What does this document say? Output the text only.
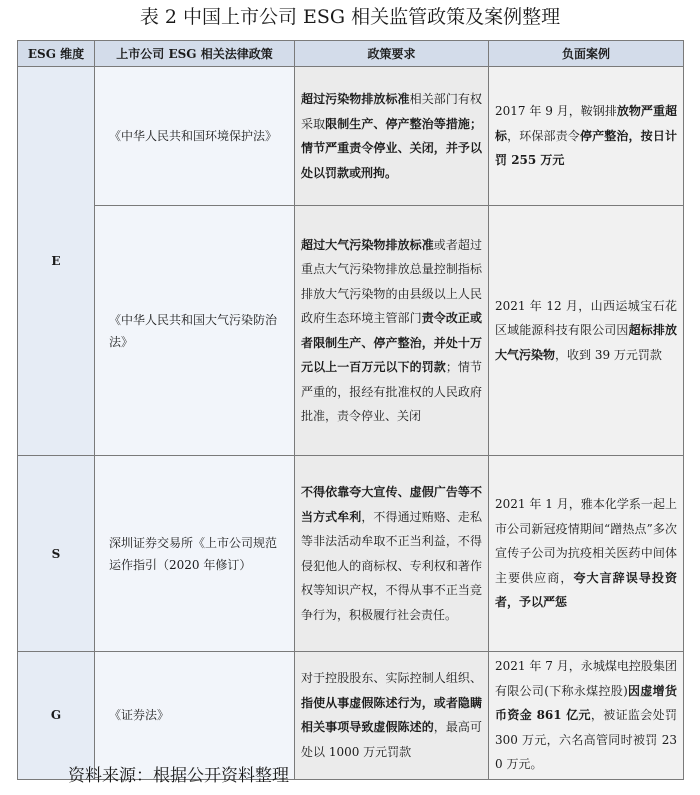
表 2 中国上市公司 ESG 相关监管政策及案例整理
ESG 维度	上市公司 ESG 相关法律政策	政策要求	负面案例
E	《中华人民共和国环境保护法》	超过污染物排放标准相关部门有权采取限制生产、停产整治等措施；情节严重责令停业、关闭，并予以处以罚款或刑拘。	2017 年 9 月，鞍钢排放物严重超标，环保部责令停产整治，按日计罚 255 万元
	《中华人民共和国大气污染防治法》	超过大气污染物排放标准或者超过重点大气污染物排放总量控制指标排放大气污染物的由县级以上人民政府生态环境主管部门责令改正或者限制生产、停产整治，并处十万元以上一百万元以下的罚款；情节严重的，报经有批准权的人民政府批准，责令停业、关闭	2021 年 12 月，山西运城宝石花区域能源科技有限公司因超标排放大气污染物，收到 39 万元罚款
S	深圳证券交易所《上市公司规范运作指引（2020 年修订）	不得依靠夸大宣传、虚假广告等不当方式牟利，不得通过贿赂、走私等非法活动牟取不正当利益，不得侵犯他人的商标权、专利权和著作权等知识产权，不得从事不正当竞争行为，积极履行社会责任。	2021 年 1 月，雅本化学系一起上市公司新冠疫情期间“蹭热点”多次宣传子公司为抗疫相关医药中间体主要供应商，夸大言辞误导投资者，予以严惩
G	《证券法》	对于控股股东、实际控制人组织、指使从事虚假陈述行为，或者隐瞒相关事项导致虚假陈述的，最高可处以 1000 万元罚款	2021 年 7 月，永城煤电控股集团有限公司(下称永煤控股)因虚增货币资金 861 亿元，被证监会处罚 300 万元，六名高管同时被罚 230 万元。
资料来源：根据公开资料整理
